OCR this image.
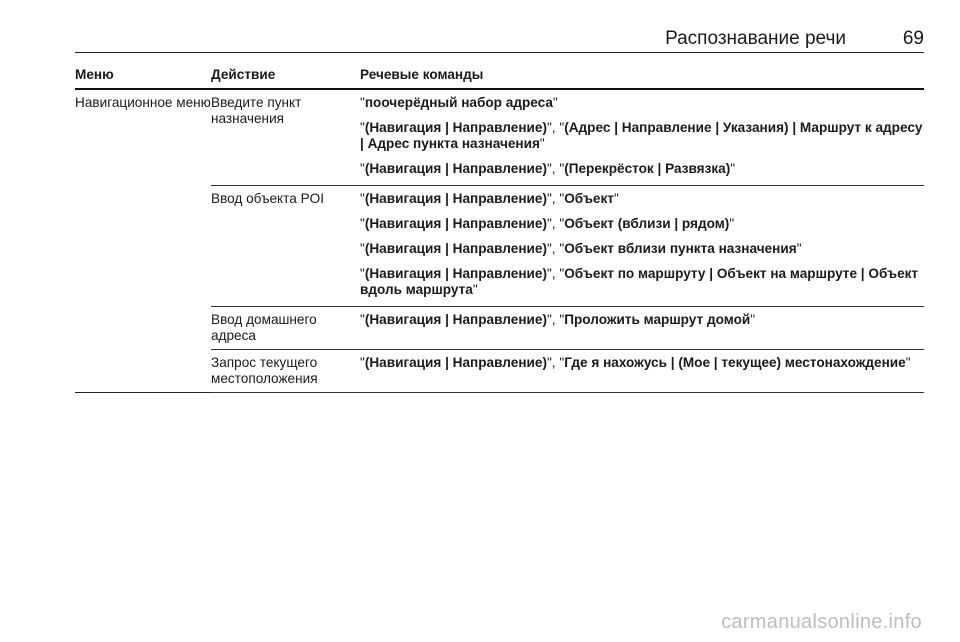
Распознавание речи	69
Меню	Действие	Речевые команды
Навигационное меню	Введите пункт назначения	"поочерёдный набор адреса"
"(Навигация | Направление)", "(Адрес | Направление | Указания) | Маршрут к адресу | Адрес пункта назначения"
"(Навигация | Направление)", "(Перекрёсток | Развязка)"

	Ввод объекта POI	"(Навигация | Направление)", "Объект"
"(Навигация | Направление)", "Объект (вблизи | рядом)"
"(Навигация | Направление)", "Объект вблизи пункта назначения"
"(Навигация | Направление)", "Объект по маршруту | Объект на маршруте | Объект вдоль маршрута"

	Ввод домашнего адреса	"(Навигация | Направление)", "Проложить маршрут домой"

	Запрос текущего местоположения	"(Навигация | Направление)", "Где я нахожусь | (Мое | текущее) местонахождение"
carmanualsonline.info
